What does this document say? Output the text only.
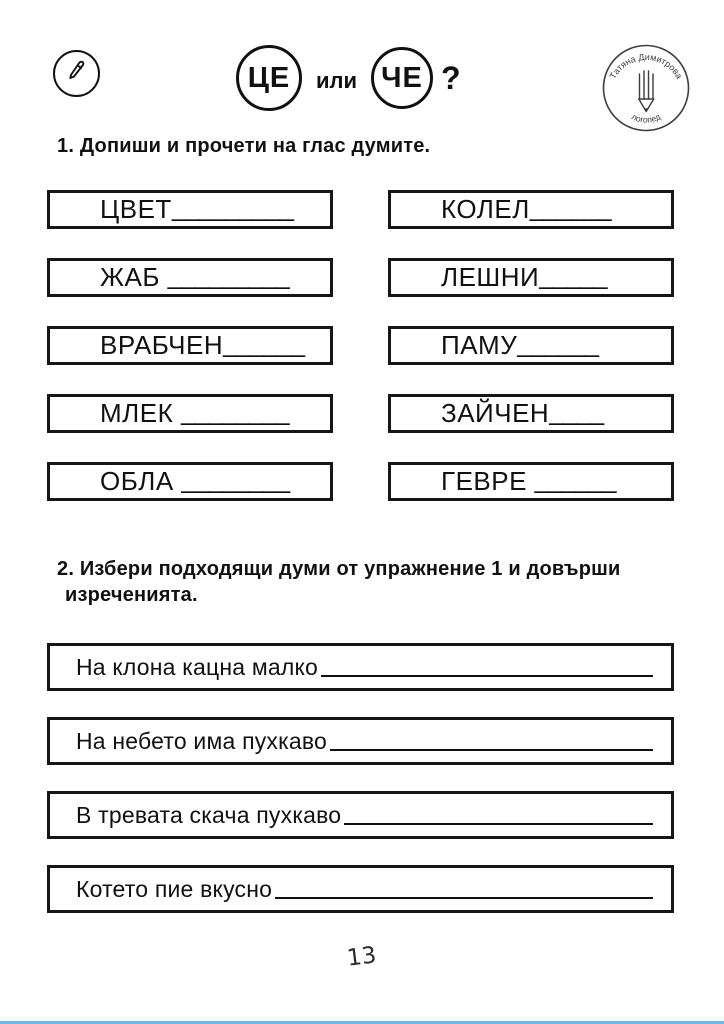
ЦЕ или ЧЕ ?	Татяна Димитрова
логопед
1. Допиши и прочети на глас думите.
ЦВЕТ _________
ЖАБ _________
ВРАБЧЕН ______
МЛЕК ________
ОБЛА ________
КОЛЕЛ ______
ЛЕШНИ _____
ПАМУ ______
ЗАЙЧЕН ____
ГЕВРЕ ______
2. Избери подходящи думи от упражнение 1 и довърши изреченията.
На клона кацна малко
На небето има пухкаво
В тревата скача пухкаво
Котето пие вкусно
13
